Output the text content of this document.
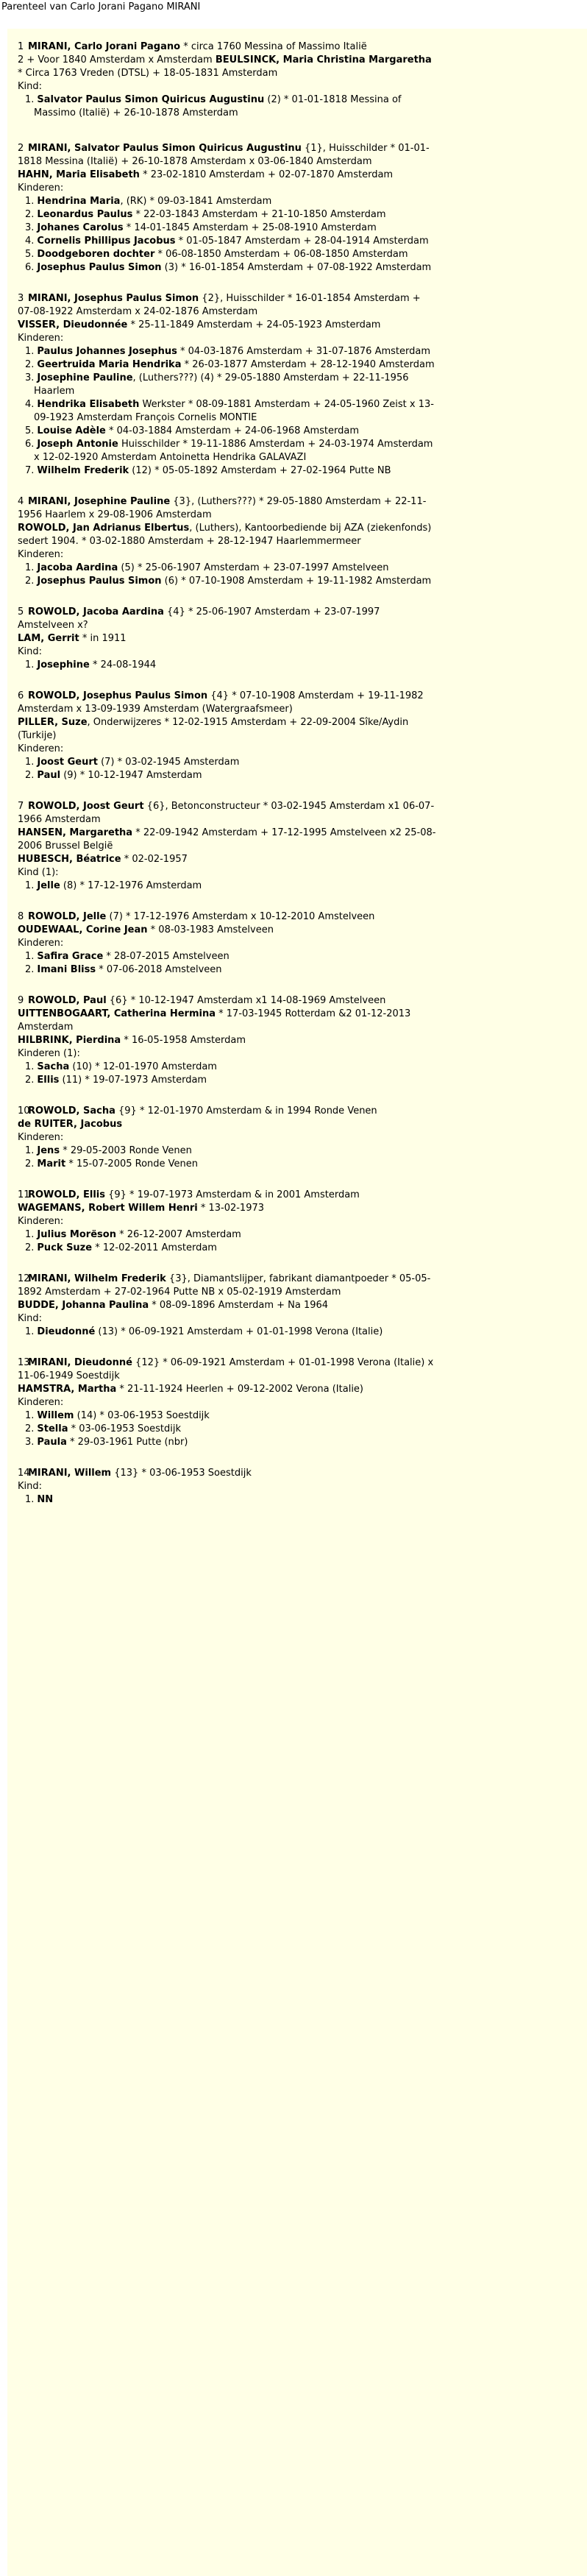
Parenteel van Carlo Jorani Pagano MIRANI
1 MIRANI, Carlo Jorani Pagano * circa 1760 Messina of Massimo Italië
2 + Voor 1840 Amsterdam x Amsterdam BEULSINCK, Maria Christina Margaretha * Circa 1763 Vreden (DTSL) + 18-05-1831 Amsterdam
Kind:
1. Salvator Paulus Simon Quiricus Augustinu (2) * 01-01-1818 Messina of Massimo (Italië) + 26-10-1878 Amsterdam
2 MIRANI, Salvator Paulus Simon Quiricus Augustinu {1}, Huisschilder * 01-01-1818 Messina (Italië) + 26-10-1878 Amsterdam x 03-06-1840 Amsterdam
HAHN, Maria Elisabeth * 23-02-1810 Amsterdam + 02-07-1870 Amsterdam
Kinderen:
1. Hendrina Maria, (RK) * 09-03-1841 Amsterdam
2. Leonardus Paulus * 22-03-1843 Amsterdam + 21-10-1850 Amsterdam
3. Johanes Carolus * 14-01-1845 Amsterdam + 25-08-1910 Amsterdam
4. Cornelis Phillipus Jacobus * 01-05-1847 Amsterdam + 28-04-1914 Amsterdam
5. Doodgeboren dochter * 06-08-1850 Amsterdam + 06-08-1850 Amsterdam
6. Josephus Paulus Simon (3) * 16-01-1854 Amsterdam + 07-08-1922 Amsterdam
3 MIRANI, Josephus Paulus Simon {2}, Huisschilder * 16-01-1854 Amsterdam + 07-08-1922 Amsterdam x 24-02-1876 Amsterdam
VISSER, Dieudonnée * 25-11-1849 Amsterdam + 24-05-1923 Amsterdam
Kinderen:
1. Paulus Johannes Josephus * 04-03-1876 Amsterdam + 31-07-1876 Amsterdam
2. Geertruida Maria Hendrika * 26-03-1877 Amsterdam + 28-12-1940 Amsterdam
3. Josephine Pauline, (Luthers???) (4) * 29-05-1880 Amsterdam + 22-11-1956 Haarlem
4. Hendrika Elisabeth Werkster * 08-09-1881 Amsterdam + 24-05-1960 Zeist x 13-09-1923 Amsterdam François Cornelis MONTIE
5. Louise Adèle * 04-03-1884 Amsterdam + 24-06-1968 Amsterdam
6. Joseph Antonie Huisschilder * 19-11-1886 Amsterdam + 24-03-1974 Amsterdam x 12-02-1920 Amsterdam Antoinetta Hendrika GALAVAZI
7. Wilhelm Frederik (12) * 05-05-1892 Amsterdam + 27-02-1964 Putte NB
4 MIRANI, Josephine Pauline {3}, (Luthers???) * 29-05-1880 Amsterdam + 22-11-1956 Haarlem x 29-08-1906 Amsterdam
ROWOLD, Jan Adrianus Elbertus, (Luthers), Kantoorbediende bij AZA (ziekenfonds) sedert 1904. * 03-02-1880 Amsterdam + 28-12-1947 Haarlemmermeer
Kinderen:
1. Jacoba Aardina (5) * 25-06-1907 Amsterdam + 23-07-1997 Amstelveen
2. Josephus Paulus Simon (6) * 07-10-1908 Amsterdam + 19-11-1982 Amsterdam
5 ROWOLD, Jacoba Aardina {4} * 25-06-1907 Amsterdam + 23-07-1997 Amstelveen x?
LAM, Gerrit * in 1911
Kind:
1. Josephine * 24-08-1944
6 ROWOLD, Josephus Paulus Simon {4} * 07-10-1908 Amsterdam + 19-11-1982 Amsterdam x 13-09-1939 Amsterdam (Watergraafsmeer)
PILLER, Suze, Onderwijzeres * 12-02-1915 Amsterdam + 22-09-2004 Sîke/Aydin (Turkije)
Kinderen:
1. Joost Geurt (7) * 03-02-1945 Amsterdam
2. Paul (9) * 10-12-1947 Amsterdam
7 ROWOLD, Joost Geurt {6}, Betonconstructeur * 03-02-1945 Amsterdam x1 06-07-1966 Amsterdam
HANSEN, Margaretha * 22-09-1942 Amsterdam + 17-12-1995 Amstelveen x2 25-08-2006 Brussel België
HUBESCH, Béatrice * 02-02-1957
Kind (1):
1. Jelle (8) * 17-12-1976 Amsterdam
8 ROWOLD, Jelle (7) * 17-12-1976 Amsterdam x 10-12-2010 Amstelveen
OUDEWAAL, Corine Jean * 08-03-1983 Amstelveen
Kinderen:
1. Safira Grace * 28-07-2015 Amstelveen
2. Imani Bliss * 07-06-2018 Amstelveen
9 ROWOLD, Paul {6} * 10-12-1947 Amsterdam x1 14-08-1969 Amstelveen
UITTENBOGAART, Catherina Hermina * 17-03-1945 Rotterdam &2 01-12-2013 Amsterdam
HILBRINK, Pierdina * 16-05-1958 Amsterdam
Kinderen (1):
1. Sacha (10) * 12-01-1970 Amsterdam
2. Ellis (11) * 19-07-1973 Amsterdam
10ROWOLD, Sacha {9} * 12-01-1970 Amsterdam & in 1994 Ronde Venen
de RUITER, Jacobus
Kinderen:
1. Jens * 29-05-2003 Ronde Venen
2. Marit * 15-07-2005 Ronde Venen
11ROWOLD, Ellis {9} * 19-07-1973 Amsterdam & in 2001 Amsterdam
WAGEMANS, Robert Willem Henri * 13-02-1973
Kinderen:
1. Julius Morëson * 26-12-2007 Amsterdam
2. Puck Suze * 12-02-2011 Amsterdam
12MIRANI, Wilhelm Frederik {3}, Diamantslijper, fabrikant diamantpoeder * 05-05-1892 Amsterdam + 27-02-1964 Putte NB x 05-02-1919 Amsterdam
BUDDE, Johanna Paulina * 08-09-1896 Amsterdam + Na 1964
Kind:
1. Dieudonné (13) * 06-09-1921 Amsterdam + 01-01-1998 Verona (Italie)
13MIRANI, Dieudonné {12} * 06-09-1921 Amsterdam + 01-01-1998 Verona (Italie) x 11-06-1949 Soestdijk
HAMSTRA, Martha * 21-11-1924 Heerlen + 09-12-2002 Verona (Italie)
Kinderen:
1. Willem (14) * 03-06-1953 Soestdijk
2. Stella * 03-06-1953 Soestdijk
3. Paula * 29-03-1961 Putte (nbr)
14MIRANI, Willem {13} * 03-06-1953 Soestdijk
Kind:
1. NN
